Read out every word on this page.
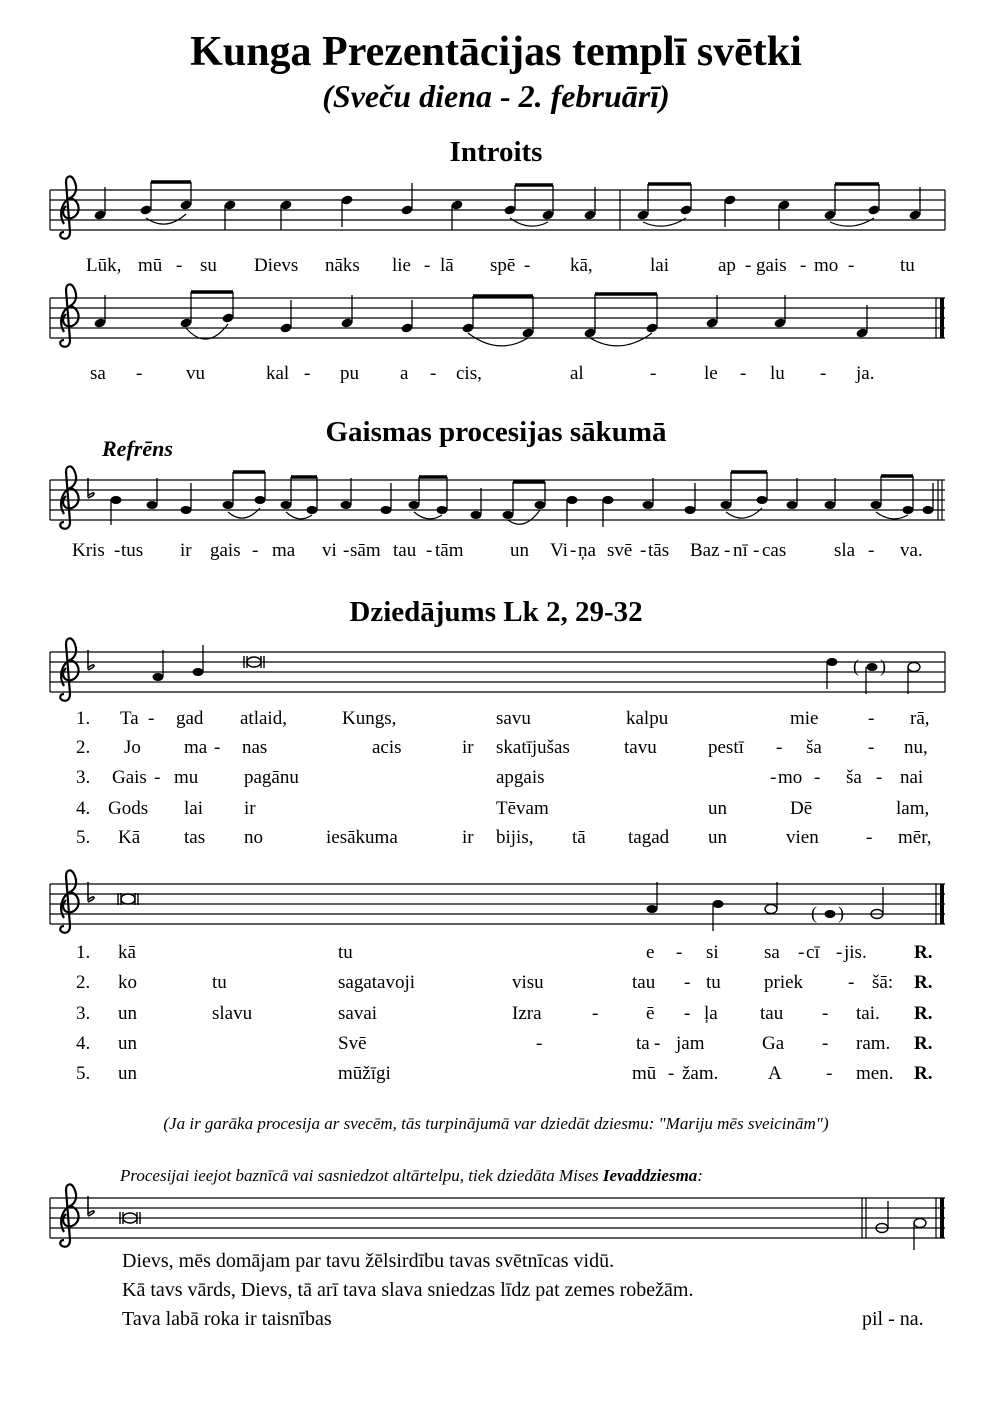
Kunga Prezentācijas templī svētki
(Sveču diena - 2. februārī)
Introits
( )
( )
Lūk, mū - su Dievs nāks lie - lā spē - kā,	lai	ap - gais - mo - tu
sa - vu	kal - pu a - cis,	al	-	le - lu - ja.
Refrēns
Gaismas procesijas sākumā
Kris - tus ir gais - ma vi - sām tau - tām un Vi - ņa svē - tās Baz - nī - cas	sla - va.
Dziedājums Lk 2, 29-32
1. Ta - gad atlaid,	Kungs,	savu	kalpu	mie	- rā,
2. Jo ma - nas	acis	ir skatījušas	tavu	pestī - ša - nu,
3. Gais - mu pagānu	apgais	- mo - ša - nai
4. Gods lai ir	Tēvam	un	Dē	lam,
5. Kā tas no	iesākuma	ir bijis, tā tagad un	vien - mēr,
1. kā	tu	e - si sa - cī - jis. R.
2. ko	tu	sagatavoji	visu	tau - tu priek - šā: R.
3. un	slavu	savai	Izra	-	ē - ļa tau - tai. R.
4. un	Svē	-	ta - jam	Ga - ram. R.
5. un	mūžīgi	mū - žam.	A - men. R.
(Ja ir garāka procesija ar svecēm, tās turpinājumā var dziedāt dziesmu: "Mariju mēs sveicinām")
Procesijai ieejot baznīcā vai sasniedzot altārtelpu, tiek dziedāta Mises Ievaddziesma:
Dievs, mēs domājam par tavu žēlsirdību tavas svētnīcas vidū.
Kā tavs vārds, Dievs, tā arī tava slava sniedzas līdz pat zemes robežām.
Tava labā roka ir taisnības	pil - na.
